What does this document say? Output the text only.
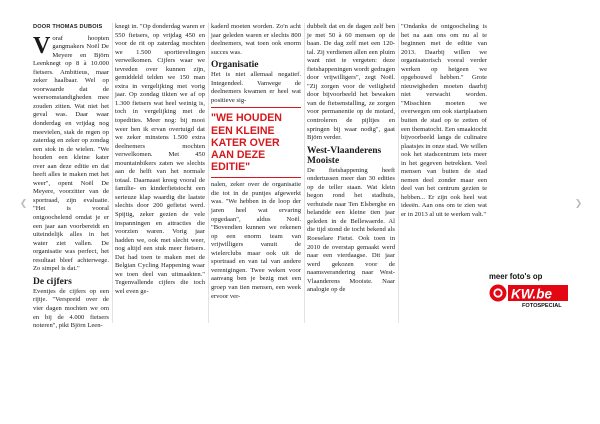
DOOR THOMAS DUBOIS

Voraf hoopten gangmakers Noël De Meyere en Björn Leenknegt op 8 à 10.000 fietsers. Ambitieus, maar zeker haalbaar. Wel op voorwaarde dat de weersomstandigheden mee zouden zitten. Wat niet het geval was. Daar waar donderdag en vrijdag nog meevielen, stak de regen op zaterdag en zeker op zondag een stok in de wielen. "We houden een kleine kater over aan deze editie en dat heeft alles te maken met het weer", opent Noël De Meyere, voorzitter van de sportraad, zijn evaluatie. "Het is vooral ontgoochelend omdat je er een jaar aan voorbereidt en uiteindelijk alles in het water ziet vallen. De organisatie was perfect, het resultaat bleef achterwege. Zo simpel is dat."

De cijfers

Eventjes de cijfers op een rijtje. "Verspreid over de vier dagen mochten we om en bij de 4.000 fietsers noteren", pikt Björn Leen-

knegt in. "Op donderdag waren er 550 fietsers, op vrijdag 450 en voor de rit op zaterdag mochten we 1.500 sportievelingen verwelkomen. Cijfers waar we tevreden over kunnen zijn, gemiddeld telden we 150 man extra in vergelijking met vorig jaar. Op zondag tikten we af op 1.300 fietsers wat heel weinig is, toch in vergelijking met de topedities. Meer nog: bij mooi weer ben ik ervan overtuigd dat we zeker minstens 1.500 extra deelnemers mochten verwelkomen. Met 450 mountainbikers zaten we slechts aan de helft van het normale totaal. Daarnaast kreeg vooral de familie- en kinderfietstocht een serieuze klap waardig die laatste slechts door 200 gefietst werd. Spijtig, zeker gezien de vele inspanningen en attracties die voorzien waren. Vorig jaar hadden we, ook met slecht weer, nog altijd een stuk meer fietsers. Dat had toen te maken met de Belgian Cycling Happening waar we toen deel van uitmaakten." Tegenvallende cijfers die toch wel even ge-

kaderd moeten worden. Zo'n acht jaar geleden waren er slechts 800 deelnemers, wat toen ook enorm succes was.

Organisatie

Het is niet allemaal negatief. Integendeel. Vanwege de deelnemers kwamen er heel wat positieve sig-

"WE HOUDEN EEN KLEINE KATER OVER AAN DEZE EDITIE"

nalen, zeker over de organisatie die tot in de puntjes afgewerkt was. "We hebben in de loop der jaren heel wat ervaring opgedaan", aldus Noël. "Bovendien kunnen we rekenen op een enorm team van vrijwilligers vanuit de wielerclubs maar ook uit de sportraad en van tal van andere verenigingen. Twee weken voor aanvang ben je bezig met een groep van tien mensen, een week ervoor ver-

dubbelt dat en de dagen zelf ben je met 50 à 60 mensen op de baan. De dag zelf met een 120-tal. Zij verdienen allen een pluim want niet te vergeten: deze fietshappeningen wordt gedragen door vrijwilligers", zegt Noël. "Zij zorgen voor de veiligheid door bijvoorbeeld het bewaken van de fietsenstalling, ze zorgen voor permanentie op de motard, controleren de pijltjes en springen bij waar nodig", gaat Björn verder.

West-Vlaanderens Mooiste

De fietshappening heeft ondertussen meer dan 30 edities op de teller staan. Wat klein begon rond het stadhuis, verhuisde naar Ten Elsberghe en belandde een kleine tien jaar geleden in de Bellewaerde. Al die tijd stond de tocht bekend als Roeselare Fietst. Ook toen in 2010 de overstap gemaakt werd naar een vierdaagse. Dit jaar werd gekozen voor de naamsverandering naar West-Vlaanderens Mooiste. Naar analogie op de

"Ondanks de ontgoocheling is het na aan ons om nu al te beginnen met de editie van 2013. Daarbij willen we organisatorisch vooral verder werken op hetgeen we opgebouwd hebben." Grote nieuwigheden moeten daarbij niet verwacht worden. "Misschien moeten we overwegen om ook startplaatsen buiten de stad op te zetten of een thematocht. Een smaaktocht bijvoorbeeld langs de culinaire plaatsjes in onze stad. We willen ook het stadscentrum iets meer in het gegeven betrekken. Veel mensen van buiten de stad nemen deel zonder maar een deel van het centrum gezien te hebben... Er zijn ook heel wat ideeën. Aan ons om te zien wat er in 2013 al uit te werken valt."

❮	❯
meer foto's op
KW.be
FOTOSPECIAL
